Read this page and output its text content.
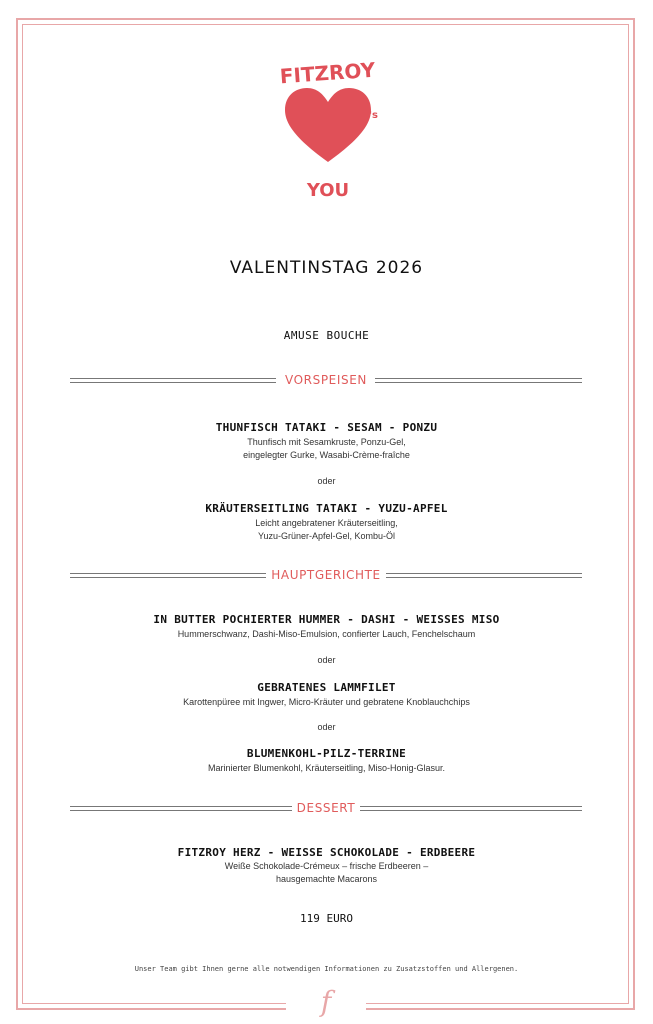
f
FITZROY
's
YOU
VALENTINSTAG 2026
AMUSE BOUCHE
VORSPEISEN
THUNFISCH TATAKI - SESAM - PONZU
Thunfisch mit Sesamkruste, Ponzu-Gel,
eingelegter Gurke, Wasabi-Crème-fraîche
oder
KRÄUTERSEITLING TATAKI - YUZU-APFEL
Leicht angebratener Kräuterseitling,
Yuzu-Grüner-Apfel-Gel, Kombu-Öl
HAUPTGERICHTE
IN BUTTER POCHIERTER HUMMER - DASHI - WEISSES MISO
Hummerschwanz, Dashi-Miso-Emulsion, confierter Lauch, Fenchelschaum
oder
GEBRATENES LAMMFILET
Karottenpüree mit Ingwer, Micro-Kräuter und gebratene Knoblauchchips
oder
BLUMENKOHL-PILZ-TERRINE
Marinierter Blumenkohl, Kräuterseitling, Miso-Honig-Glasur.
DESSERT
FITZROY HERZ - WEISSE SCHOKOLADE - ERDBEERE
Weiße Schokolade-Crémeux – frische Erdbeeren –
hausgemachte Macarons
119 EURO
Unser Team gibt Ihnen gerne alle notwendigen Informationen zu Zusatzstoffen und Allergenen.
